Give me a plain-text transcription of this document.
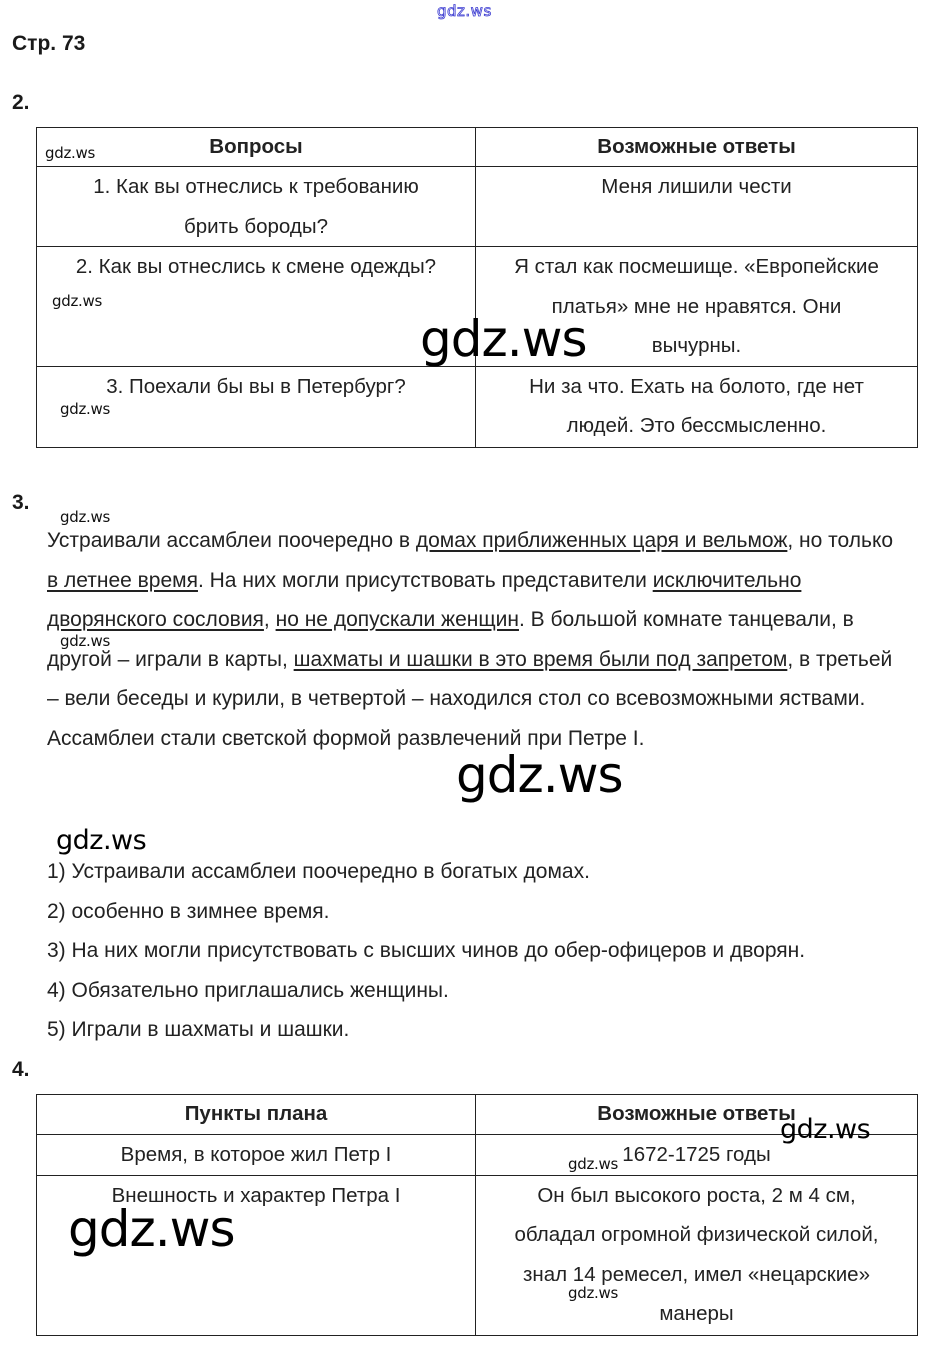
gdz.ws
Стр. 73
2.
Вопросы	Возможные ответы

1. Как вы отнеслись к требованию
брить бороды?	Меня лишили чести

2. Как вы отнеслись к смене одежды?	Я стал как посмешище. «Европейские
платья» мне не нравятся. Они
вычурны.

3. Поехали бы вы в Петербург?	Ни за что. Ехать на болото, где нет
людей. Это бессмысленно.
3.
Устраивали ассамблеи поочередно в домах приближенных царя и вельмож, но только в летнее время. На них могли присутствовать представители исключительно дворянского сословия, но не допускали женщин. В большой комнате танцевали, в другой – играли в карты, шахматы и шашки в это время были под запретом, в третьей – вели беседы и курили, в четвертой – находился стол со всевозможными яствами. Ассамблеи стали светской формой развлечений при Петре I.
1) Устраивали ассамблеи поочередно в богатых домах.
2) особенно в зимнее время.
3) На них могли присутствовать с высших чинов до обер-офицеров и дворян.
4) Обязательно приглашались женщины.
5) Играли в шахматы и шашки.
4.
Пункты плана	Возможные ответы

Время, в которое жил Петр I	1672-1725 годы

Внешность и характер Петра I	Он был высокого роста, 2 м 4 см,
обладал огромной физической силой,
знал 14 ремесел, имел «нецарские»
манеры
gdz.ws
gdz.ws
gdz.ws
gdz.ws
gdz.ws
gdz.ws
gdz.ws
gdz.ws
gdz.ws
gdz.ws
gdz.ws
gdz.ws
